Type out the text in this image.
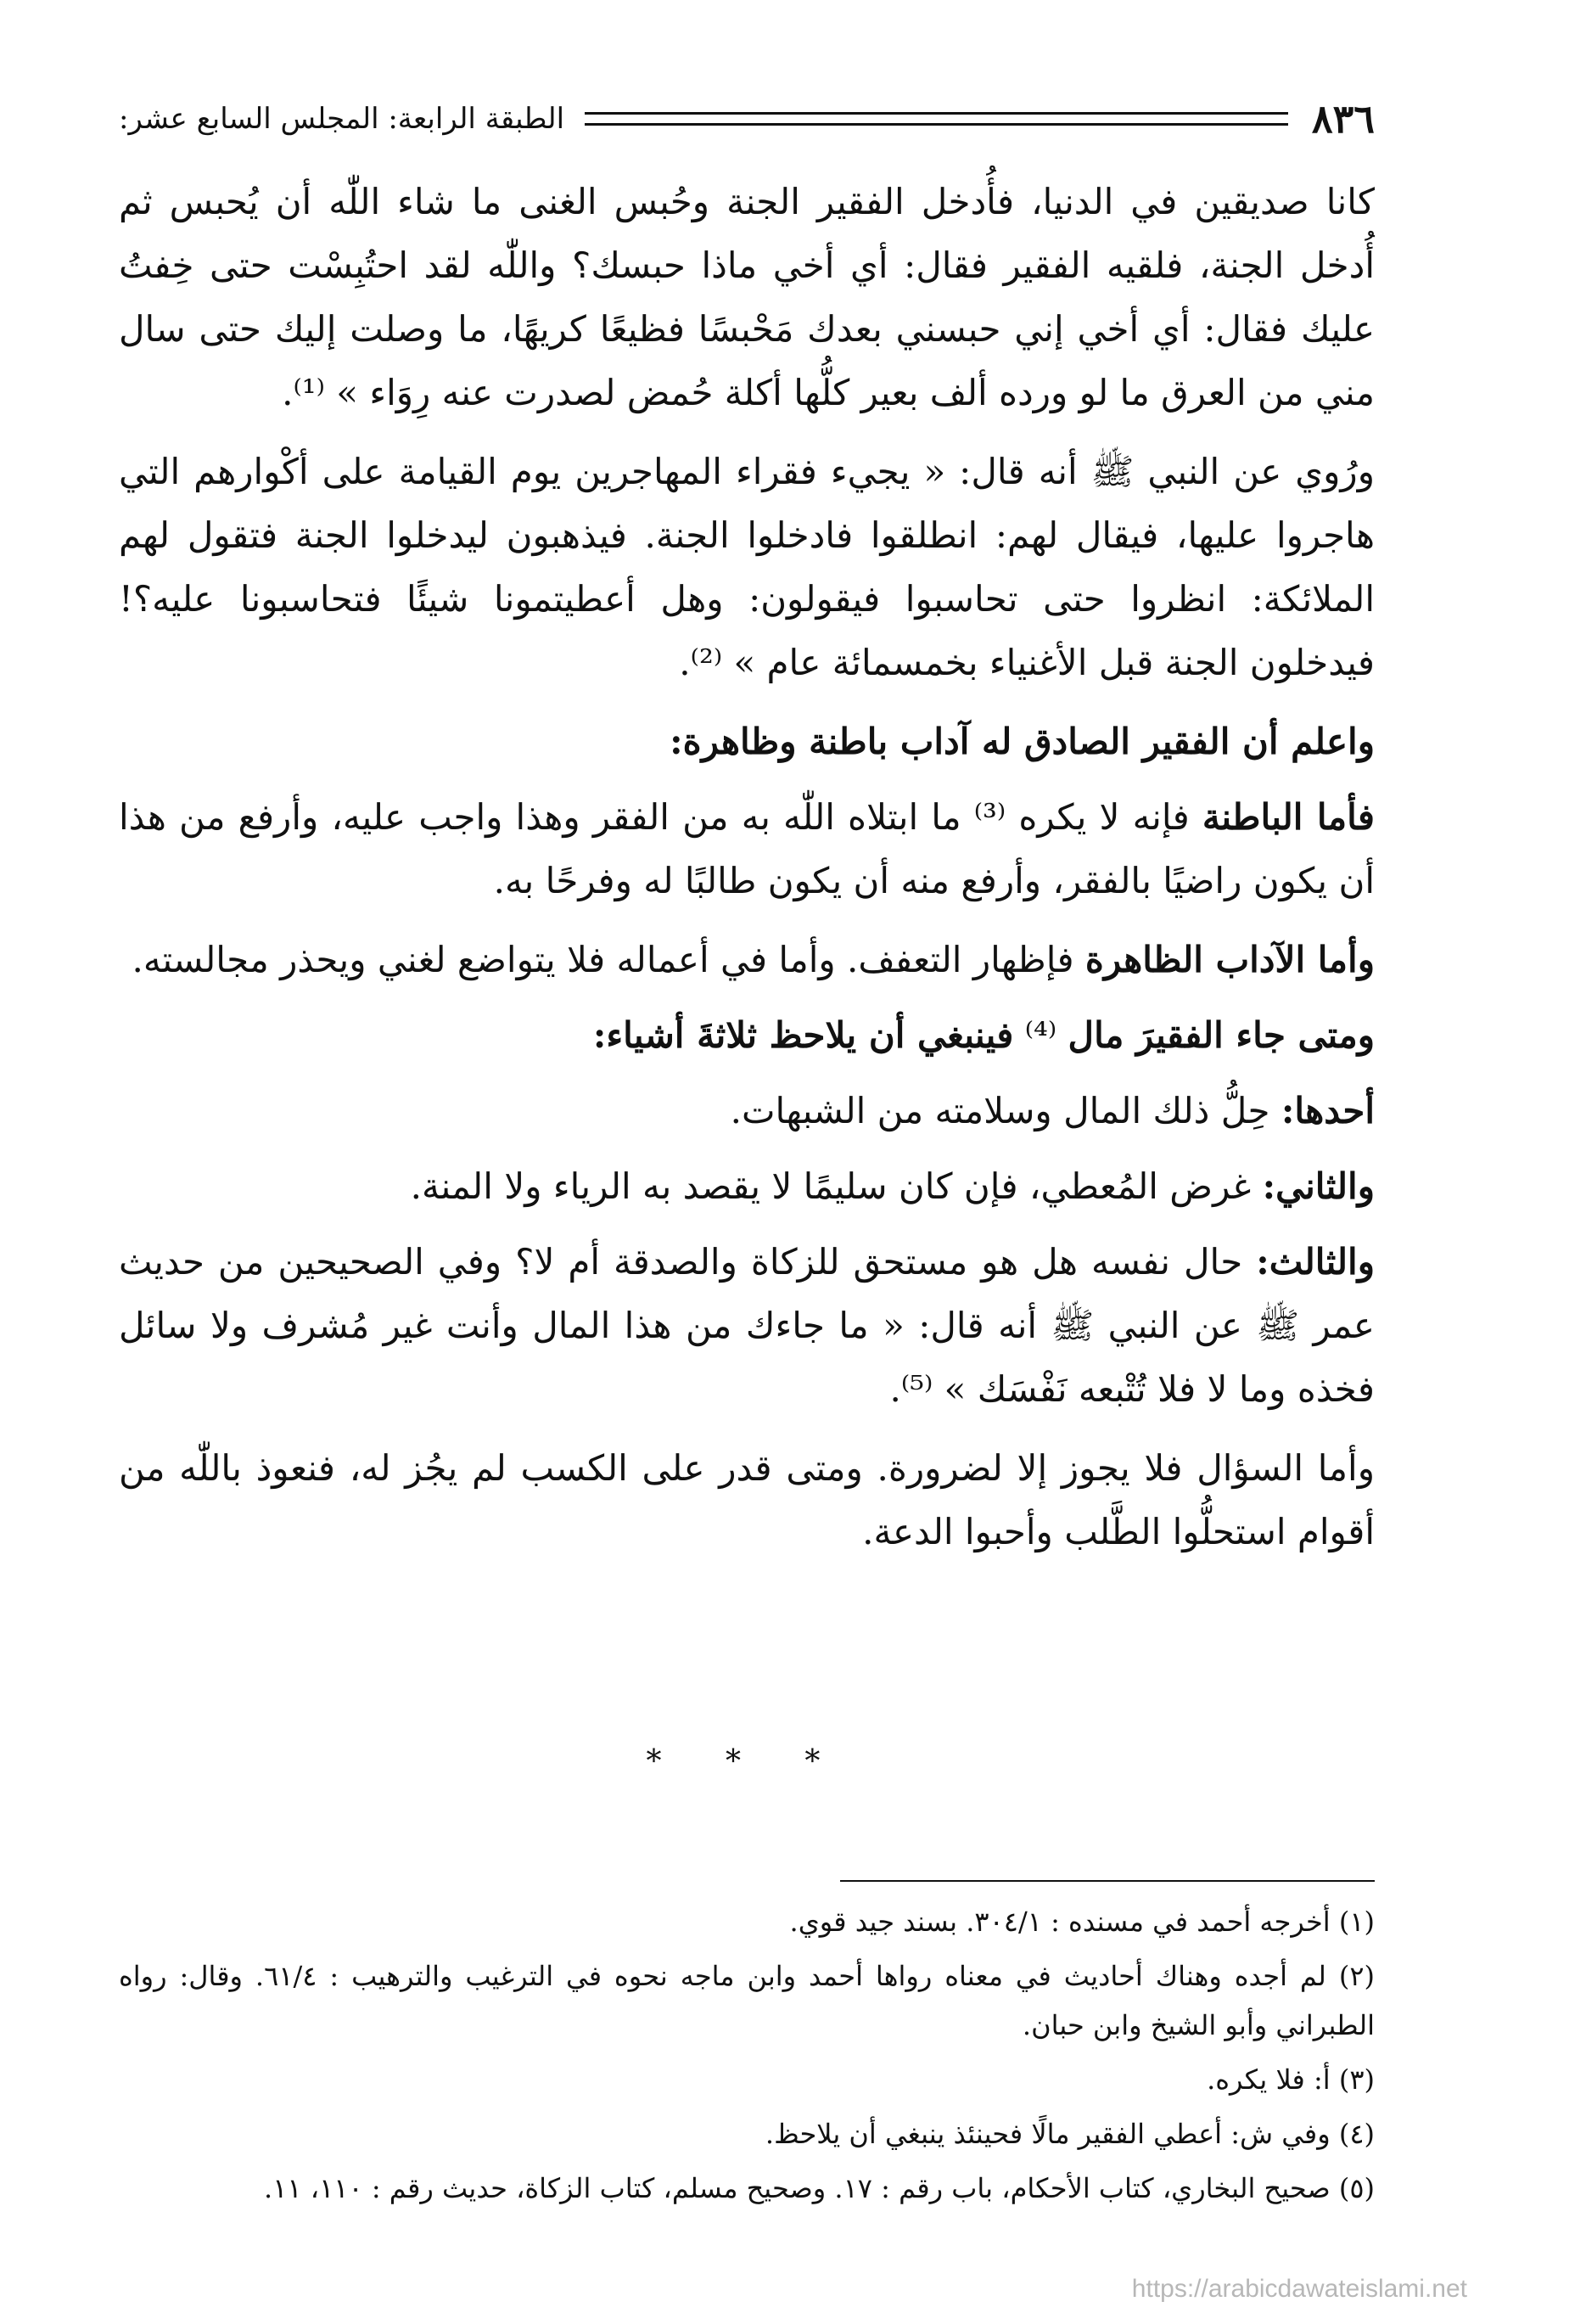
٨٣٦
الطبقة الرابعة: المجلس السابع عشر:

كانا صديقين في الدنيا، فأُدخل الفقير الجنة وحُبس الغنى ما شاء اللّٰه أن يُحبس ثم أُدخل الجنة، فلقيه الفقير فقال: أي أخي ماذا حبسك؟ واللّٰه لقد احتُبِسْت حتى خِفتُ عليك فقال: أي أخي إني حبسني بعدك مَحْبسًا فظيعًا كريهًا، ما وصلت إليك حتى سال مني من العرق ما لو ورده ألف بعير كلُّها أكلة حُمض لصدرت عنه رِوَاء » ⁽¹⁾.

ورُوي عن النبي ﷺ أنه قال: « يجيء فقراء المهاجرين يوم القيامة على أكْوارهم التي هاجروا عليها، فيقال لهم: انطلقوا فادخلوا الجنة. فيذهبون ليدخلوا الجنة فتقول لهم الملائكة: انظروا حتى تحاسبوا فيقولون: وهل أعطيتمونا شيئًا فتحاسبونا عليه؟! فيدخلون الجنة قبل الأغنياء بخمسمائة عام » ⁽²⁾.

واعلم أن الفقير الصادق له آداب باطنة وظاهرة:

فأما الباطنة فإنه لا يكره ⁽³⁾ ما ابتلاه اللّٰه به من الفقر وهذا واجب عليه، وأرفع من هذا أن يكون راضيًا بالفقر، وأرفع منه أن يكون طالبًا له وفرحًا به.

وأما الآداب الظاهرة فإظهار التعفف. وأما في أعماله فلا يتواضع لغني ويحذر مجالسته.

ومتى جاء الفقيرَ مال ⁽⁴⁾ فينبغي أن يلاحظ ثلاثةَ أشياء:

أحدها: حِلُّ ذلك المال وسلامته من الشبهات.

والثاني: غرض المُعطي، فإن كان سليمًا لا يقصد به الرياء ولا المنة.

والثالث: حال نفسه هل هو مستحق للزكاة والصدقة أم لا؟ وفي الصحيحين من حديث عمر ﷺ عن النبي ﷺ أنه قال: « ما جاءك من هذا المال وأنت غير مُشرف ولا سائل فخذه وما لا فلا تُتْبعه نَفْسَك » ⁽⁵⁾.

وأما السؤال فلا يجوز إلا لضرورة. ومتى قدر على الكسب لم يجُز له، فنعوذ باللّٰه من أقوام استحلُّوا الطَّلب وأحبوا الدعة.

* * *

(١) أخرجه أحمد في مسنده : ٣٠٤/١. بسند جيد قوي.

(٢) لم أجده وهناك أحاديث في معناه رواها أحمد وابن ماجه نحوه في الترغيب والترهيب : ٦١/٤. وقال: رواه الطبراني وأبو الشيخ وابن حبان.

(٣) أ: فلا يكره.

(٤) وفي ش: أعطي الفقير مالًا فحينئذ ينبغي أن يلاحظ.

(٥) صحيح البخاري، كتاب الأحكام، باب رقم : ١٧. وصحيح مسلم، كتاب الزكاة، حديث رقم : ١١٠، ١١.

https://arabicdawateislami.net
